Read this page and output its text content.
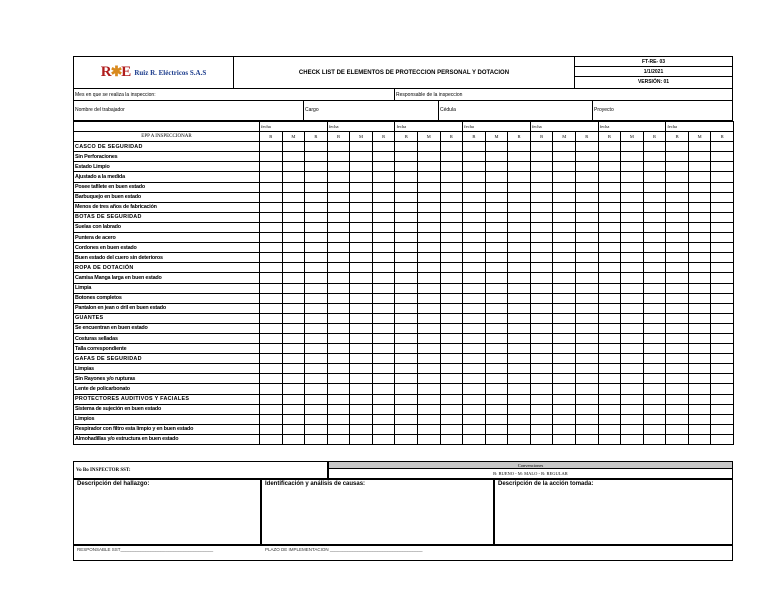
R✱E Ruiz R. Eléctricos S.A.S	CHECK LIST DE ELEMENTOS DE PROTECCION PERSONAL Y DOTACION
FT-RE- 03
1/1/2021
VERSIÓN: 01
Mes en que se realiza la inspeccion:	Responsable de la inspeccion
Nombre del trabajador	Cargo	Cédula	Proyecto
	fecha			fecha			fecha			fecha			fecha			fecha			fecha		
EPP A INSPECCIONAR	B	M	R	B	M	R	B	M	R	B	M	R	B	M	R	B	M	R	B	M	R
CASCO DE SEGURIDAD																					
Sin Perforaciones																					
Estado Limpio																					
Ajustado a la medida																					
Posee tafilete en buen estado																					
Barbuquejo en buen estado																					
Menos de tres años de fabricación																					
BOTAS DE SEGURIDAD																					
Suelas con labrado																					
Puntera de acero																					
Cordones en buen estado																					
Buen estado del cuero sin deterioros																					
ROPA DE DOTACIÓN																					
Camisa Manga larga en buen estado																					
Limpia																					
Botones completos																					
Pantalon en jean o dril en buen estado																					
GUANTES																					
Se encuentran en buen estado																					
Costuras selladas																					
Talla correspondiente																					
GAFAS DE SEGURIDAD																					
Limpias																					
Sin Rayones y/o rupturas																					
Lente de policarbonato																					
PROTECTORES AUDITIVOS Y FACIALES																					
Sistema de sujeción en buen estado																					
Limpios																					
Respirador con filtro esta limpio y en buen estado																					
Almohadillas y/o estructura en buen estado																					
Vo Bo INSPECTOR SST:
Convenciones
B: BUENO - M: MALO - R: REGULAR
Descripción del hallazgo:	Identificación y análisis de causas:	Descripción de la acción tomada:
RESPONSABLE SST_____________________________________	PLAZO DE IMPLEMENTACION _____________________________________
